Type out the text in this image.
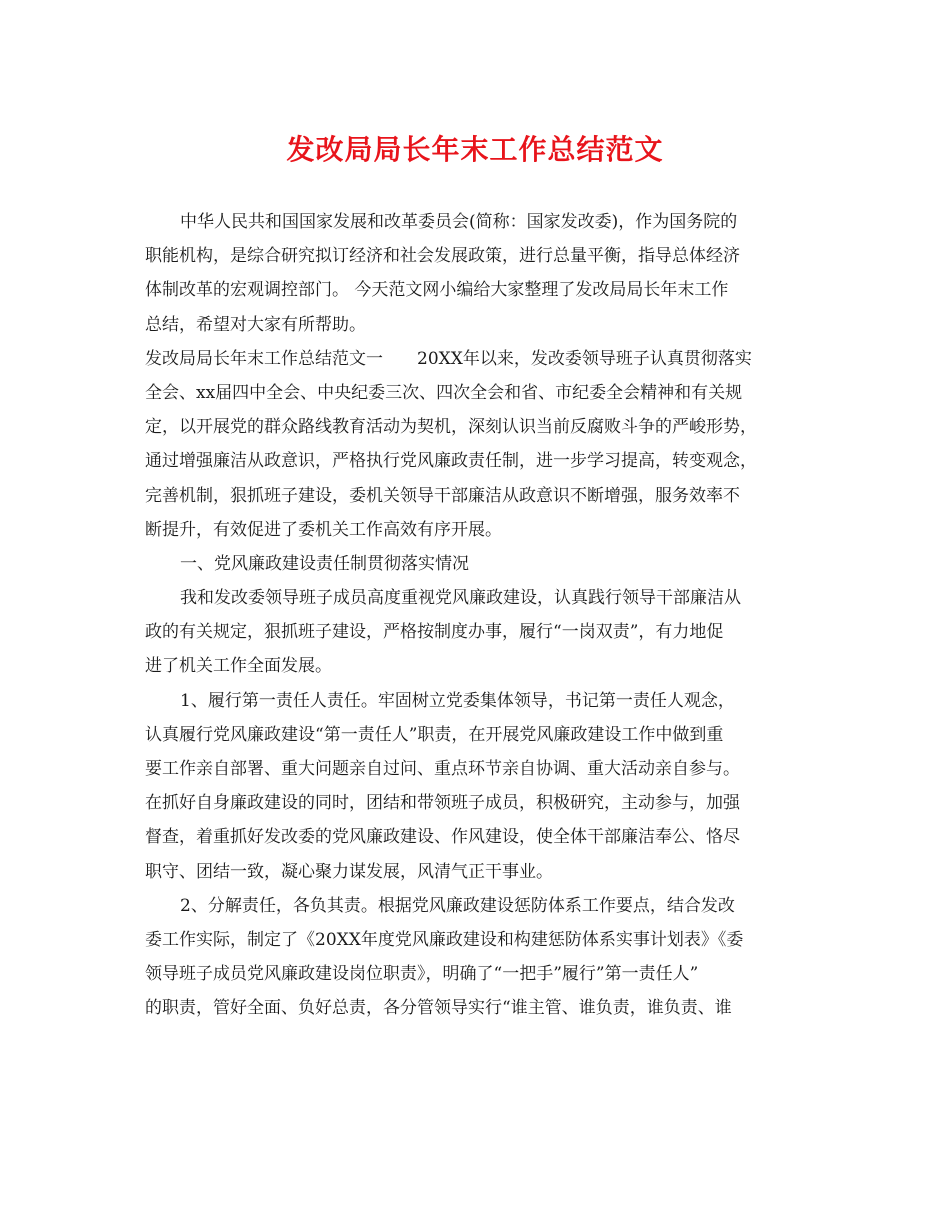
发改局局长年末工作总结范文
中华人民共和国国家发展和改革委员会(简称：国家发改委)，作为国务院的
职能机构，是综合研究拟订经济和社会发展政策，进行总量平衡，指导总体经济
体制改革的宏观调控部门。 今天范文网小编给大家整理了发改局局长年末工作
总结，希望对大家有所帮助。
发改局局长年末工作总结范文一　　20XX年以来，发改委领导班子认真贯彻落实
全会、xx届四中全会、中央纪委三次、四次全会和省、市纪委全会精神和有关规
定，以开展党的群众路线教育活动为契机，深刻认识当前反腐败斗争的严峻形势，
通过增强廉洁从政意识，严格执行党风廉政责任制，进一步学习提高，转变观念，
完善机制，狠抓班子建设，委机关领导干部廉洁从政意识不断增强，服务效率不
断提升，有效促进了委机关工作高效有序开展。
一、党风廉政建设责任制贯彻落实情况
我和发改委领导班子成员高度重视党风廉政建设，认真践行领导干部廉洁从
政的有关规定，狠抓班子建设，严格按制度办事，履行“一岗双责”，有力地促
进了机关工作全面发展。
1、履行第一责任人责任。牢固树立党委集体领导，书记第一责任人观念，
认真履行党风廉政建设“第一责任人”职责，在开展党风廉政建设工作中做到重
要工作亲自部署、重大问题亲自过问、重点环节亲自协调、重大活动亲自参与。
在抓好自身廉政建设的同时，团结和带领班子成员，积极研究，主动参与，加强
督查，着重抓好发改委的党风廉政建设、作风建设，使全体干部廉洁奉公、恪尽
职守、团结一致，凝心聚力谋发展，风清气正干事业。
2、分解责任，各负其责。根据党风廉政建设惩防体系工作要点，结合发改
委工作实际，制定了《20XX年度党风廉政建设和构建惩防体系实事计划表》《委
领导班子成员党风廉政建设岗位职责》，明确了“一把手”履行”第一责任人”
的职责，管好全面、负好总责，各分管领导实行“谁主管、谁负责，谁负责、谁
